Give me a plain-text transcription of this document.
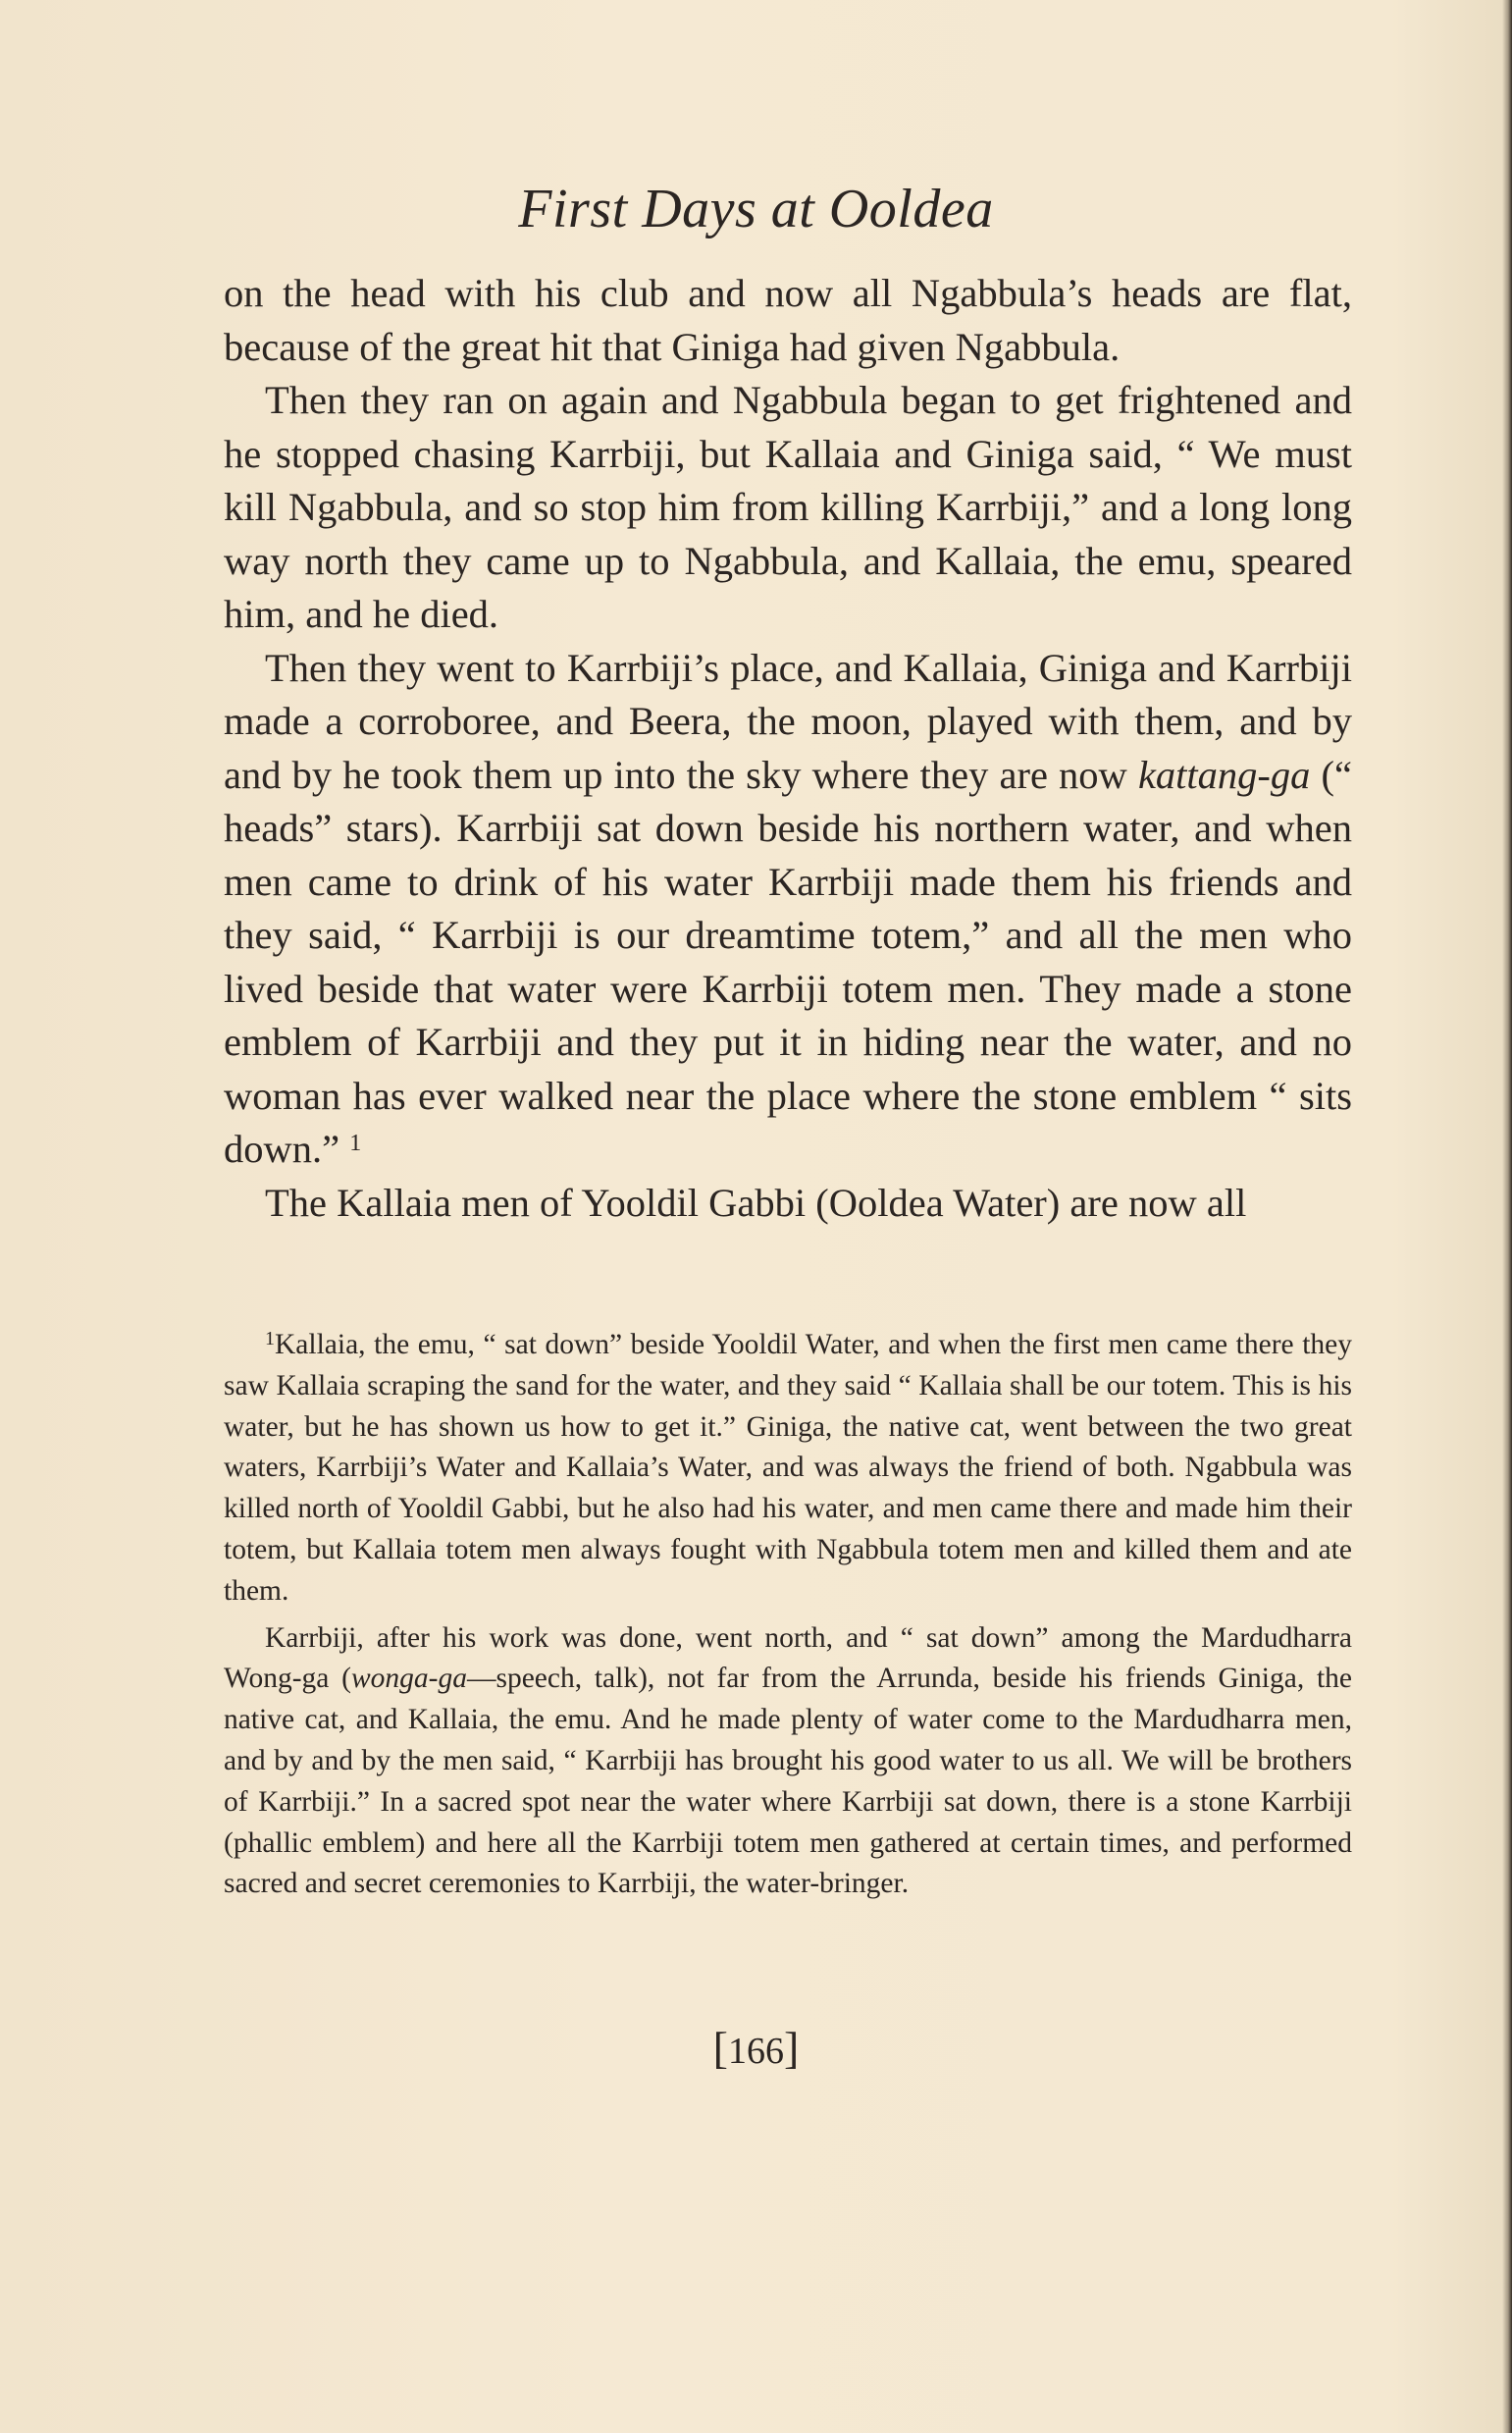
First Days at Ooldea

on the head with his club and now all Ngabbula’s heads are flat, because of the great hit that Giniga had given Ngabbula.

Then they ran on again and Ngabbula began to get frightened and he stopped chasing Karrbiji, but Kallaia and Giniga said, “ We must kill Ngabbula, and so stop him from killing Karrbiji,” and a long long way north they came up to Ngabbula, and Kallaia, the emu, speared him, and he died.

Then they went to Karrbiji’s place, and Kallaia, Giniga and Karrbiji made a corroboree, and Beera, the moon, played with them, and by and by he took them up into the sky where they are now kattang-ga (“ heads” stars). Karrbiji sat down beside his northern water, and when men came to drink of his water Karrbiji made them his friends and they said, “ Karrbiji is our dreamtime totem,” and all the men who lived beside that water were Karrbiji totem men. They made a stone emblem of Karrbiji and they put it in hiding near the water, and no woman has ever walked near the place where the stone emblem “ sits down.” $^1$

The Kallaia men of Yooldil Gabbi (Ooldea Water) are now all

$^1$Kallaia, the emu, “ sat down” beside Yooldil Water, and when the first men came there they saw Kallaia scraping the sand for the water, and they said “ Kallaia shall be our totem. This is his water, but he has shown us how to get it.” Giniga, the native cat, went between the two great waters, Karrbiji’s Water and Kallaia’s Water, and was always the friend of both. Ngabbula was killed north of Yooldil Gabbi, but he also had his water, and men came there and made him their totem, but Kallaia totem men always fought with Ngabbula totem men and killed them and ate them.

Karrbiji, after his work was done, went north, and “ sat down” among the Mardudharra Wong-ga (wonga-ga—speech, talk), not far from the Arrunda, beside his friends Giniga, the native cat, and Kallaia, the emu. And he made plenty of water come to the Mardudharra men, and by and by the men said, “ Karrbiji has brought his good water to us all. We will be brothers of Karrbiji.” In a sacred spot near the water where Karrbiji sat down, there is a stone Karrbiji (phallic emblem) and here all the Karrbiji totem men gathered at certain times, and performed sacred and secret ceremonies to Karrbiji, the water-bringer.

[166]
